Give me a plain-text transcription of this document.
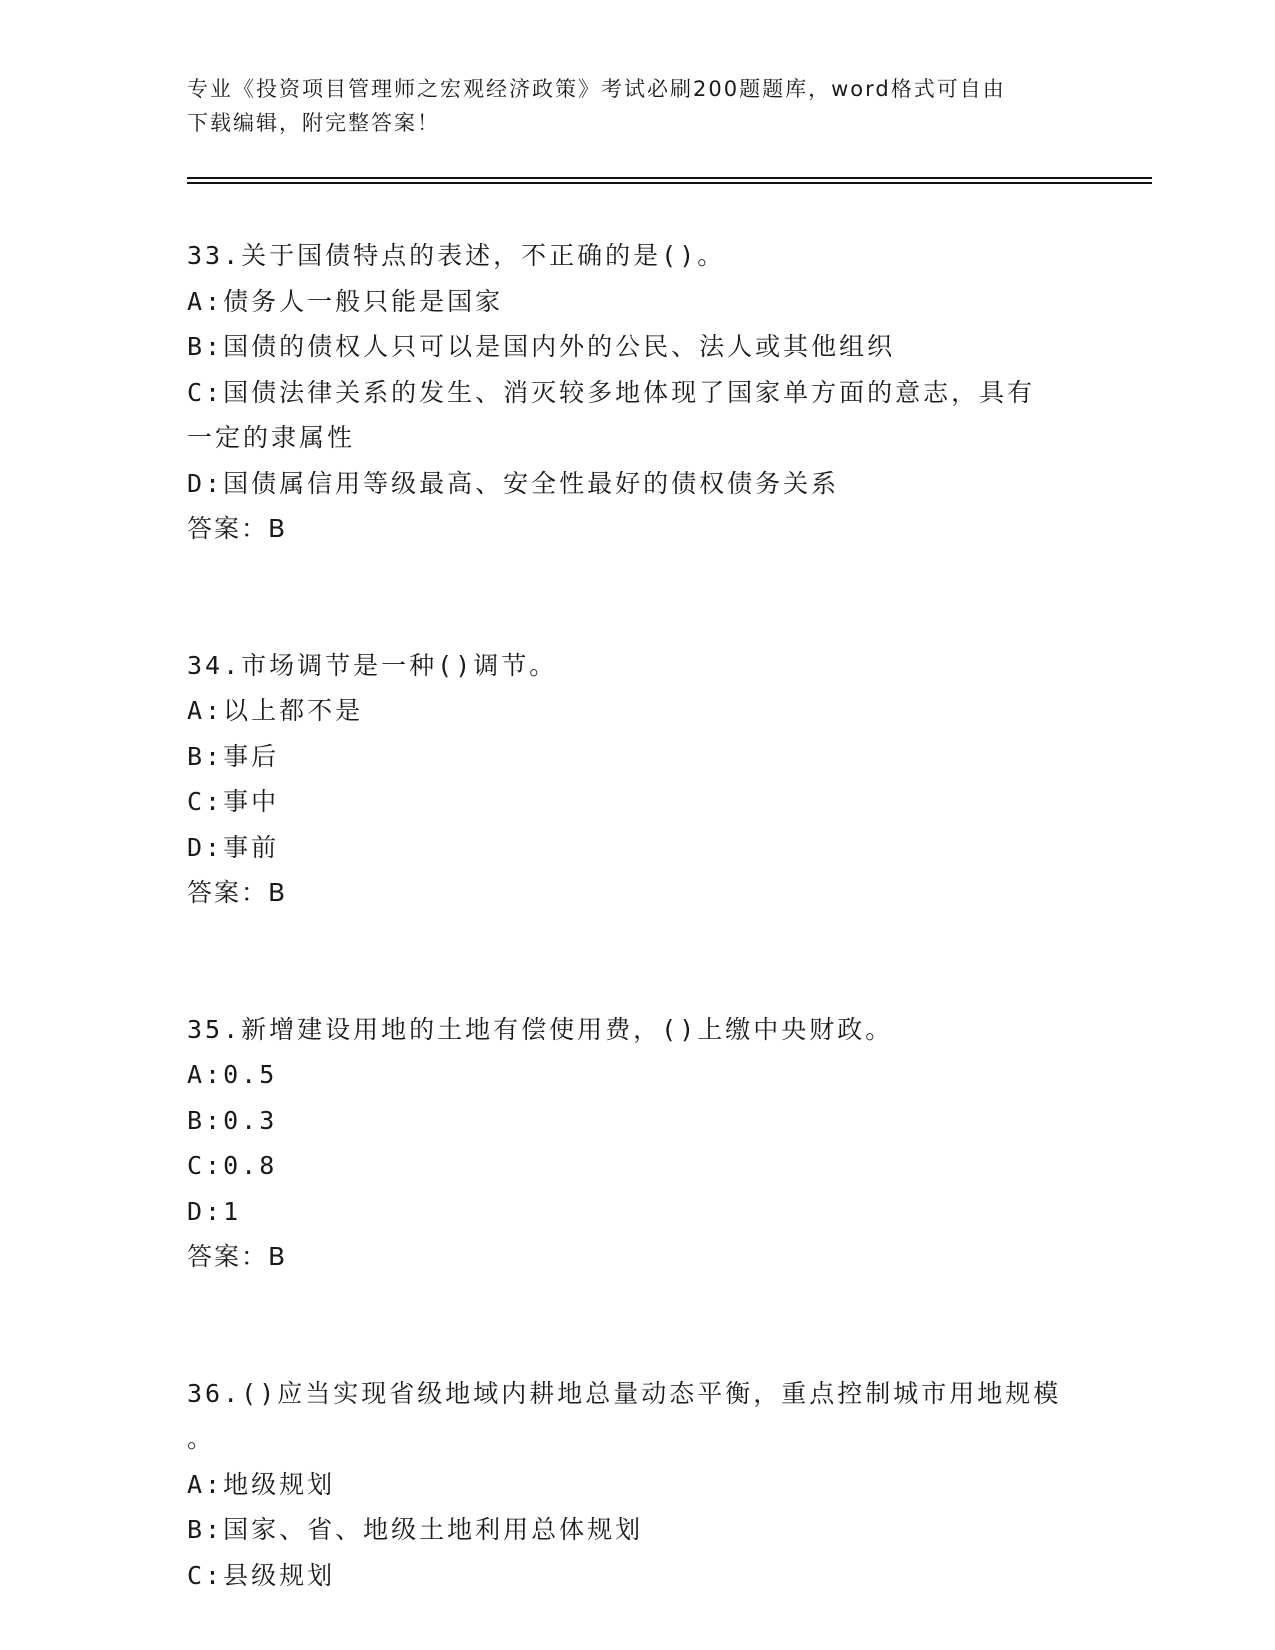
专业《投资项目管理师之宏观经济政策》考试必刷200题题库，word格式可自由
下载编辑，附完整答案！
33.关于国债特点的表述，不正确的是()。
A:债务人一般只能是国家
B:国债的债权人只可以是国内外的公民、法人或其他组织
C:国债法律关系的发生、消灭较多地体现了国家单方面的意志，具有
一定的隶属性
D:国债属信用等级最高、安全性最好的债权债务关系
答案：B
34.市场调节是一种()调节。
A:以上都不是
B:事后
C:事中
D:事前
答案：B
35.新增建设用地的土地有偿使用费，()上缴中央财政。
A:0.5
B:0.3
C:0.8
D:1
答案：B
36.()应当实现省级地域内耕地总量动态平衡，重点控制城市用地规模
。
A:地级规划
B:国家、省、地级土地利用总体规划
C:县级规划
